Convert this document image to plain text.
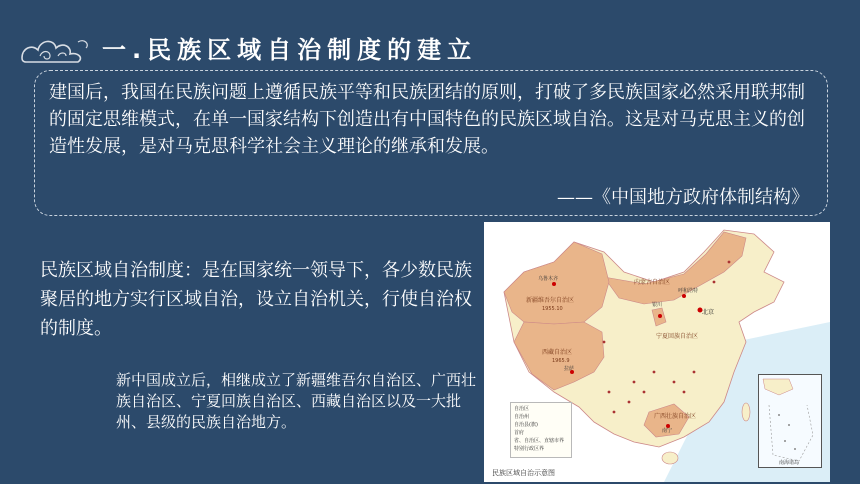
一.民族区域自治制度的建立
建国后，我国在民族问题上遵循民族平等和民族团结的原则，打破了多民族国家必然采用联邦制的固定思维模式，在单一国家结构下创造出有中国特色的民族区域自治。这是对马克思主义的创造性发展，是对马克思科学社会主义理论的继承和发展。
——《中国地方政府体制结构》
民族区域自治制度：是在国家统一领导下，各少数民族聚居的地方实行区域自治，设立自治机关，行使自治权的制度。
新中国成立后，相继成立了新疆维吾尔自治区、广西壮族自治区、宁夏回族自治区、西藏自治区以及一大批州、县级的民族自治地方。
新疆维吾尔自治区
1955.10
乌鲁木齐
西藏自治区
1965.9
拉萨
内蒙古自治区
呼和浩特
银川
北京
宁夏回族自治区
广西壮族自治区
南宁
自治区
自治州
自治县(旗)
首府
省、自治区、直辖市界
特别行政区界
南海诸岛
民族区域自治示意图
